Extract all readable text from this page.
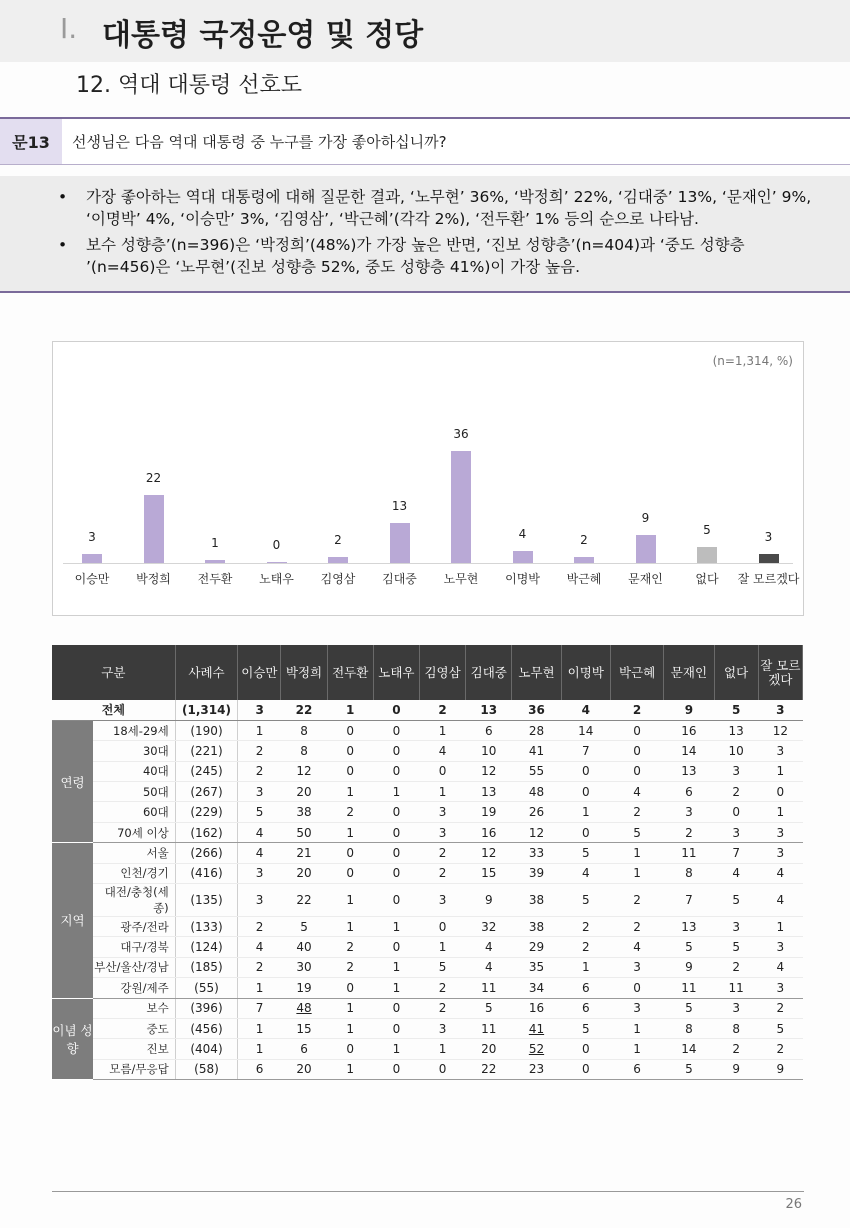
Ⅰ. 대통령 국정운영 및 정당
12. 역대 대통령 선호도
문13	선생님은 다음 역대 대통령 중 누구를 가장 좋아하십니까?
• 가장 좋아하는 역대 대통령에 대해 질문한 결과, ‘노무현’ 36%, ‘박정희’ 22%, ‘김대중’ 13%, ‘문재인’ 9%, ‘이명박’ 4%, ‘이승만’ 3%, ‘김영삼’, ‘박근혜’(각각 2%), ‘전두환’ 1% 등의 순으로 나타남.
• 보수 성향층’(n=396)은 ‘박정희’(48%)가 가장 높은 반면, ‘진보 성향층’(n=404)과 ‘중도 성향층 ’(n=456)은 ‘노무현’(진보 성향층 52%, 중도 성향층 41%)이 가장 높음.
(n=1,314, %)
3
이승만
22
박정희
1
전두환
0
노태우
2
김영삼
13
김대중
36
노무현
4
이명박
2
박근혜
9
문재인
5
없다
3
잘 모르겠다
구분		사례수	이승만	박정희	전두환	노태우	김영삼	김대중	노무현	이명박	박근혜	문재인	없다	잘 모르겠다
전체		(1,314)	3	22	1	0	2	13	36	4	2	9	5	3
연령	18세-29세	(190)	1	8	0	0	1	6	28	14	0	16	13	12
	30대	(221)	2	8	0	0	4	10	41	7	0	14	10	3
	40대	(245)	2	12	0	0	0	12	55	0	0	13	3	1
	50대	(267)	3	20	1	1	1	13	48	0	4	6	2	0
	60대	(229)	5	38	2	0	3	19	26	1	2	3	0	1
	70세 이상	(162)	4	50	1	0	3	16	12	0	5	2	3	3
지역	서울	(266)	4	21	0	0	2	12	33	5	1	11	7	3
	인천/경기	(416)	3	20	0	0	2	15	39	4	1	8	4	4
	대전/충청(세종)	(135)	3	22	1	0	3	9	38	5	2	7	5	4
	광주/전라	(133)	2	5	1	1	0	32	38	2	2	13	3	1
	대구/경북	(124)	4	40	2	0	1	4	29	2	4	5	5	3
	부산/울산/경남	(185)	2	30	2	1	5	4	35	1	3	9	2	4
	강원/제주	(55)	1	19	0	1	2	11	34	6	0	11	11	3
이념 성향	보수	(396)	7	48	1	0	2	5	16	6	3	5	3	2
	중도	(456)	1	15	1	0	3	11	41	5	1	8	8	5
	진보	(404)	1	6	0	1	1	20	52	0	1	14	2	2
	모름/무응답	(58)	6	20	1	0	0	22	23	0	6	5	9	9
26
